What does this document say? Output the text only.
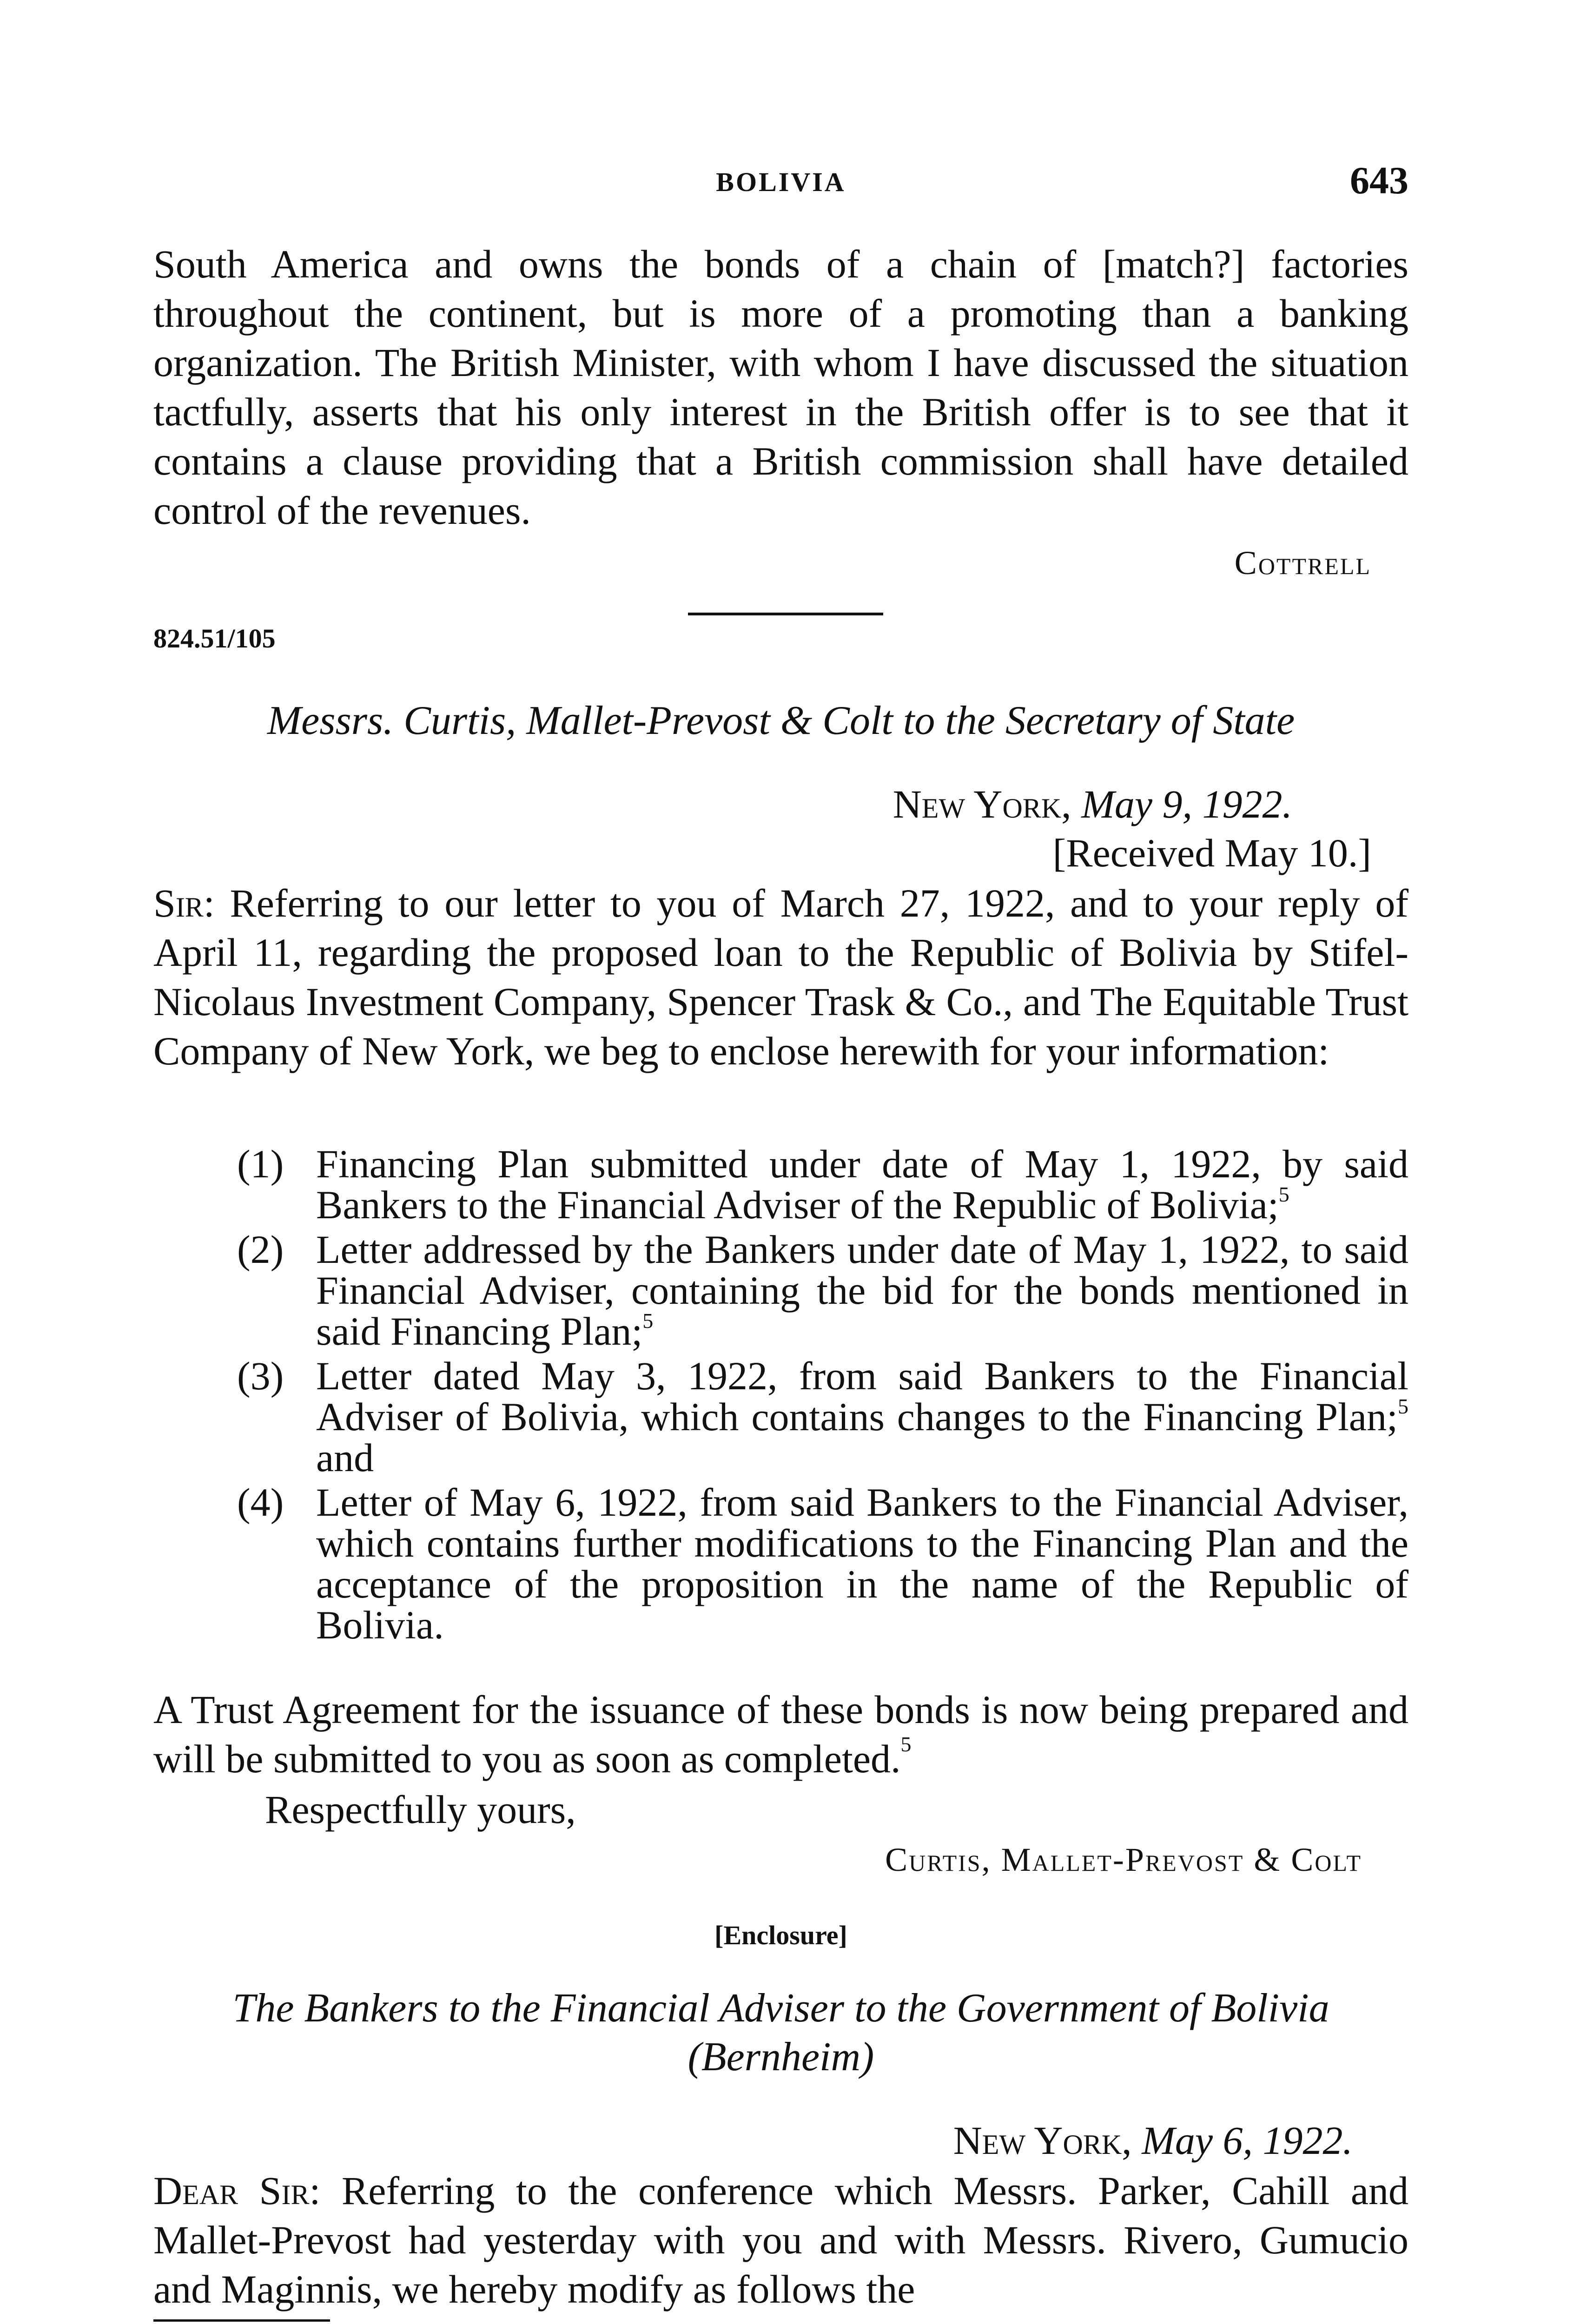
BOLIVIA	643
South America and owns the bonds of a chain of [match?] factories throughout the continent, but is more of a promoting than a banking organization. The British Minister, with whom I have discussed the situation tactfully, asserts that his only interest in the British offer is to see that it contains a clause providing that a British commission shall have detailed control of the revenues.
Cottrell
824.51/105
Messrs. Curtis, Mallet-Prevost & Colt to the Secretary of State
New York, May 9, 1922.
[Received May 10.]
Sir: Referring to our letter to you of March 27, 1922, and to your reply of April 11, regarding the proposed loan to the Republic of Bolivia by Stifel-Nicolaus Investment Company, Spencer Trask & Co., and The Equitable Trust Company of New York, we beg to enclose herewith for your information:
(1) Financing Plan submitted under date of May 1, 1922, by said Bankers to the Financial Adviser of the Republic of Bolivia;$^5$
(2) Letter addressed by the Bankers under date of May 1, 1922, to said Financial Adviser, containing the bid for the bonds mentioned in said Financing Plan;$^5$
(3) Letter dated May 3, 1922, from said Bankers to the Financial Adviser of Bolivia, which contains changes to the Financing Plan;$^5$ and
(4) Letter of May 6, 1922, from said Bankers to the Financial Adviser, which contains further modifications to the Financing Plan and the acceptance of the proposition in the name of the Republic of Bolivia.
A Trust Agreement for the issuance of these bonds is now being prepared and will be submitted to you as soon as completed.$^5$
Respectfully yours,
Curtis, Mallet-Prevost & Colt
[Enclosure]
The Bankers to the Financial Adviser to the Government of Bolivia
(Bernheim)
New York, May 6, 1922.
Dear Sir: Referring to the conference which Messrs. Parker, Cahill and Mallet-Prevost had yesterday with you and with Messrs. Rivero, Gumucio and Maginnis, we hereby modify as follows the
